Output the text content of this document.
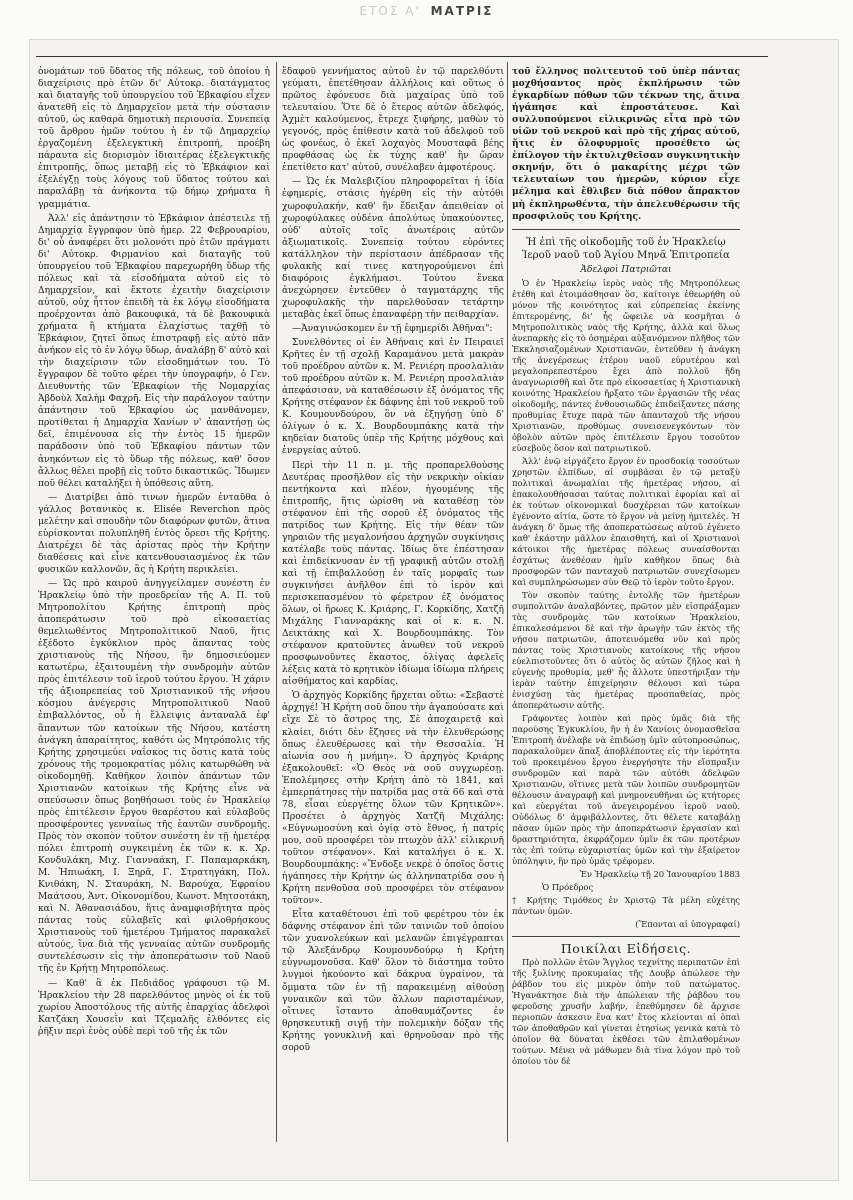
ΕΤΟΣ Α' ΜΑΤΡΙΣ

ὀνομάτων τοῦ ὕδατος τῆς πόλεως, τοῦ ὁποίου ἡ διαχείρισις πρὸ ἐτῶν δι' Αὐτοκρ. διατάγματος καὶ διαταγῆς τοῦ ὑπουργείου τοῦ Ἐβκαφίου εἶχεν ἀνατεθῆ εἰς τὸ Δημαρχεῖον μετὰ τὴν σύστασιν αὐτοῦ, ὡς καθαρὰ δημοτικὴ περιουσία. Συνεπείᾳ τοῦ ἄρθρου ἡμῶν τούτου ἡ ἐν τῷ Δημαρχείῳ ἐργαζομένη ἐξελεγκτικὴ ἐπιτροπή, προέβη πάραυτα εἰς διορισμὸν ἰδιαιτέρας ἐξελεγκτικῆς ἐπιτροπῆς, ὅπως μεταβῇ εἰς τὸ Ἐβκάφιον καὶ ἐξελέγξῃ τοὺς λόγους τοῦ ὕδατος τούτου καὶ παραλάβῃ τὰ ἀνήκοντα τῷ δήμῳ χρήματα ἢ γραμμάτια.

Ἀλλ' εἰς ἀπάντησιν τὸ Ἐβκάφιον ἀπέστειλε τῇ Δημαρχίᾳ ἔγγραφον ὑπὸ ἡμερ. 22 Φεβρουαρίου, δι' οὗ ἀναφέρει ὅτι μολονότι πρὸ ἐτῶν πράγματι δι' Αὐτοκρ. Φιρμανίου καὶ διαταγῆς τοῦ ὑπουργείου τοῦ Ἐβκαφίου παρεχωρήθη ὕδωρ τῆς πόλεως καὶ τὰ εἰσοδήματα αὐτοῦ εἰς τὸ Δημαρχεῖον, καὶ ἔκτοτε ἐχειτὴν διαχείρισιν αὐτοῦ, οὐχ ἧττον ἐπειδὴ τὰ ἐκ λόγῳ εἰσοδήματα προέρχονται ἀπὸ βακουφικά, τὰ δὲ βακουφικὰ χρήματα ἢ κτήματα ἐλαχίστως ταχθῇ τὸ Ἐβκάφιον, ζητεῖ ὅπως ἐπιστραφῇ εἰς αὐτὸ πᾶν ἀνήκον εἰς τὸ ἐν λόγῳ ὕδωρ, ἀναλάβῃ δ' αὐτὸ καὶ τὴν διαχείρισιν τῶν εἰσοδημάτων του. Τὸ ἔγγραφον δὲ τοῦτο φέρει τὴν ὑπογραφήν, ὁ Γεν. Διευθυντὴς τῶν Ἐβκαφίων τῆς Νομαρχίας Ἀβδοὺλ Χαλὴμ Φαχρῆ. Εἰς τὴν παράλογον ταύτην ἀπάντησιν τοῦ Ἐβκαφίου ὡς μανθάνομεν, προτίθεται ἡ Δημαρχία Χανίων ν' ἀπαντήσῃ ὡς δεῖ, ἐπιμένουσα εἰς τὴν ἐντὸς 15 ἡμερῶν παράδοσιν ὑπὸ τοῦ Ἐβκαφίου πάντων τῶν ἀνηκόντων εἰς τὸ ὕδωρ τῆς πόλεως, καθ' ὅσον ἄλλως θέλει προβῇ εἰς τοῦτο δικαστικῶς. Ἴδωμεν ποῦ θέλει καταλήξει ἡ ὑπόθεσις αὕτη.

— Διατρίβει ἀπὸ τινων ἡμερῶν ἐνταῦθα ὁ γάλλος βοτανικὸς κ. Elisée Reverchon πρὸς μελέτην καὶ σπουδὴν τῶν διαφόρων φυτῶν, ἅτινα εὑρίσκονται πολυπληθῆ ἐντὸς ὄρεσι τῆς Κρήτης. Διατρέχει δὲ τὰς ἀρίστας πρὸς τὴν Κρήτην διαθέσεις καὶ εἶνε κατενθουσιασμένος ἐκ τῶν φυσικῶν καλλονῶν, ἃς ἡ Κρήτη περικλείει.

— Ὡς πρὸ καιροῦ ἀνηγγείλαμεν συνέστη ἐν Ἡρακλείῳ ὑπὸ τὴν προεδρείαν τῆς Α. Π. τοῦ Μητροπολίτου Κρήτης ἐπιτροπὴ πρὸς ἀποπεράτωσιν τοῦ πρὸ εἰκοσαετίας θεμελιωθέντος Μητροπολιτικοῦ Ναοῦ, ἥτις ἐξέδοτο ἐγκύκλιον πρὸς ἅπαντας τοὺς χριστιανοὺς τῆς Νήσου, ἣν δημοσιεύομεν κατωτέρω, ἐξαιτουμένη τὴν συνδρομὴν αὐτῶν πρὸς ἐπιτέλεσιν τοῦ ἱεροῦ τούτου ἔργου. Ἡ χάριν τῆς ἀξιοπρεπείας τοῦ Χριστιανικοῦ τῆς νήσου κόσμου ἀνέγερσις Μητροπολιτικοῦ Ναοῦ ἐπιβαλλόντος, οὗ ἡ ἔλλειψις ἀνταναλᾶ ἐφ' ἅπαντων τῶν κατοίκων τῆς Νήσου, κατέστη ἀνάγκη ἀπαραίτητος, καθότι ὡς Μητρόπολις τῆς Κρήτης χρησιμεύει ναΐσκος τις ὅστις κατὰ τοὺς χρόνους τῆς τρομοκρατίας μόλις κατωρθώθη νὰ οἰκοδομηθῇ. Καθῆκον λοιπὸν ἁπάντων τῶν Χριστιανῶν κατοίκων τῆς Κρήτης εἶνε νὰ σπεύσωσιν ὅπως βοηθήσωσι τοὺς ἐν Ἡρακλείῳ πρὸς ἐπιτέλεσιν ἔργου θεαρέστου καὶ εὐλαβοῦς προσφέροντες γενναίως τῆς ἑαυτῶν συνδρομῆς. Πρὸς τὸν σκοπὸν τοῦτον συνέστη ἐν τῇ ἡμετέρᾳ πόλει ἐπιτροπὴ συγκειμένη ἐκ τῶν κ. κ. Χρ. Κονδυλάκη, Μιχ. Γιανναάκη, Γ. Παπαμαρκάκη, Μ. Ἡπιωάκη, Ι. Ξηρᾶ, Γ. Στρατηγάκη, Πολ. Κνιθάκη, Ν. Σταυράκη, Ν. Βαρούχα, Ἐφραίου Μαάτσου, Ἀντ. Οἰκονομίδου, Κωνστ. Μητσοτάκη, καὶ Ν. Ἀθανασιάδου, ἥτις ἀναμφισβήτητα πρὸς πάντας τοὺς εὐλαβεῖς καὶ φιλοθρήσκους Χριστιανοὺς τοῦ ἡμετέρου Τμήματος παρακαλεῖ αὐτούς, ἵνα διὰ τῆς γενναίας αὐτῶν συνδρομῆς συντελέσωσιν εἰς τὴν ἀποπεράτωσιν τοῦ Ναοῦ τῆς ἐν Κρήτῃ Μητροπόλεως.

— Καθ' ἃ ἐκ Πεδιάδος γράφουσι τῷ Μ. Ἡρακλείου τὴν 28 παρελθόντος μηνὸς οἱ ἐκ τοῦ χωρίου Ἀποστόλους τῆς αὐτῆς ἐπαρχίας ἀδελφοὶ Κατζάκη Χουσεῒν καὶ Τζεμαλῆς ἐλθόντες εἰς ῥῆξιν περὶ ἑνὸς οὐδὲ περὶ τοῦ τῆς ἐκ τῶν

ἔδαφοῦ γεννήματος αὐτοῦ ἐν τῷ παρελθόντι γεύματι, ἐπετέθησαν ἀλλήλοις καὶ οὕτως ὁ πρῶτος ἐφόνευσε διὰ μαχαίρας ὑπὸ τοῦ τελευταίου. Ὅτε δὲ ὁ ἕτερος αὐτῶν ἀδελφός, Ἀχμὲτ καλούμενος, ἔτρεχε ξιφήρης, μαθὼν τὸ γεγονός, πρὸς ἐπίθεσιν κατὰ τοῦ ἀδελφοῦ τοῦ ὡς φονέως, ὁ ἐκεῖ λοχαγὸς Μουσταφᾶ βέης προφθάσας ὡς ἐκ τύχης καθ' ἣν ὥραν ἐπετίθετο κατ' αὐτοῦ, συνέλαβεν ἀμφοτέρους.

— Ὡς ἐκ Μαλεβιζίου πληροφορεῖται ἡ ἰδία ἐφημερίς, στάσις ἠγέρθη εἰς τὴν αὐτόθι χωροφυλακήν, καθ' ἣν ἔδειξαν ἀπειθείαν οἱ χωροφύλακες οὐδένα ἀπολύτως ὑπακούοντες, οὐδ' αὐτοῖς τοῖς ἀνωτέροις αὐτῶν ἀξιωματικοῖς. Συνεπείᾳ τούτου εὑρόντες κατάλληλον τὴν περίστασιν ἀπέδρασαν τῆς φυλακῆς καί τινες κατηγορούμενοι ἐπὶ διαφόροις ἐγκλήμασι. Τούτου ἕνεκα ἀνεχώρησεν ἐντεῦθεν ὁ ταγματάρχης τῆς χωροφυλακῆς τὴν παρελθοῦσαν τετάρτην μεταβὰς ἐκεῖ ὅπως ἐπαναφέρῃ τὴν πειθαρχίαν.

—Ἀναγινώσκομεν ἐν τῇ ἐφημερίδι Ἀθῆναι":

Συνελθόντες οἱ ἐν Ἀθήναις καὶ ἐν Πειραιεῖ Κρῆτες ἐν τῇ σχολῇ Καραμάνου μετὰ μακρὰν τοῦ προέδρου αὐτῶν κ. Μ. Ρενιέρη προσλαλιὰν τοῦ προέδρου αὐτῶν κ. Μ. Ρενιέρη προσλαλιὰν ἀπεφάσισαν, νὰ καταθέσωσιν ἐξ ὀνόματος τῆς Κρήτης στέφανον ἐκ δάφνης ἐπὶ τοῦ νεκροῦ τοῦ Κ. Κουμουνδούρου, ὃν νὰ ἐξηγήσῃ ὑπὸ δ' ὀλίγων ὁ κ. Χ. Βουρδουμπάκης κατὰ τὴν κηδείαν διατοῦς ὑπὲρ τῆς Κρήτης μόχθους καὶ ἐνεργείας αὐτοῦ.

Περὶ τὴν 11 π. μ. τῆς προπαρελθούσης Δευτέρας προσῆλθον εἰς τὴν νεκρικὴν οἰκίαν πεντήκοντα καὶ πλέον, ἡγουμένης τῆς ἐπιτροπῆς, ἥτις ὡρίσθη νὰ καταθέσῃ τὸν στέφανον ἐπὶ τῆς σοροῦ ἐξ ὀνόματος τῆς πατρίδος των Κρήτης. Εἰς τὴν θέαν τῶν γηραιῶν τῆς μεγαλονήσου ἀρχηγῶν συγκίνησις κατέλαβε τοὺς πάντας. Ἰδίως ὅτε ἐπέστησαν καὶ ἐπιδείκνυσαν ἐν τῇ γραφικῇ αὐτῶν στολῇ καὶ τῇ ἐπιβαλλούσῃ ἐν ταῖς μορφαῖς των συγκινήσει ἀνῆλθον ἐπὶ τὸ ἱερὸν καὶ περισκεπασμένον τὸ φέρετρον ἐξ ὀνόματος ὅλων, οἱ ἥρωες Κ. Κριάρης, Γ. Κορκίδης, Χατζῆ Μιχάλης Γιανναράκης καὶ οἱ κ. κ. Ν. Δεικτάκης καὶ Χ. Βουρδουμπάκης. Τὸν στέφανον κρατοῦντες ἀνωθεν τοῦ νεκροῦ προσφωνοῦντες ἕκαστος, ὀλίγας ἀφελεῖς λέξεις κατὰ τὸ κρητικὸν ἰδίωμα ἰδίωμα πλήρεις αἰσθήματος καὶ καρδίας.

Ὁ ἀρχηγὸς Κορκίδης ἤρχεται οὕτω: «Σεβαστὲ ἀρχηγέ! Ἡ Κρήτη σοῦ ὅπου τὴν ἀγαπούσατε καὶ εἴχε Σὲ τὸ ἄστρος της, Σὲ ἀποχαιρετᾷ καὶ κλαίει, διότι δὲν ἔζησες νὰ τὴν ἐλευθερώσῃς ὅπως ἐλευθέρωσες καὶ τὴν Θεσσαλία. Ἡ αἰωνία σου ἡ μνήμη». Ὁ ἀρχηγὸς Κριάρης ἐξακολουθεῖ: «Ὁ Θεὸς νὰ σοῦ συγχωρέσῃ. Ἐπολέμησες στὴν Κρήτη ἀπὸ τὸ 1841, καὶ ἐμπερπάτησες τὴν πατρίδα μας στὰ 66 καὶ στὰ 78, εἶσαι εὐεργέτης ὅλων τῶν Κρητικῶν». Προσέτει ὁ ἀρχηγὸς Χατζῆ Μιχάλης: «Εὐγνωμοσύνη καὶ ὀγίᾳ στὸ ἔθνος, ἡ πατρίς μου, σοῦ προσφέρει τὸν πτωχὸν ἀλλ' εἰλικρινῆ τοῦτον στέφανον». Καὶ καταλήγει ὁ κ. Χ. Βουρδουμπάκης: «Ἔνδοξε νεκρὲ ὁ ὁποῖος ὅστις ἠγάπησες τὴν Κρήτην ὡς ἀλληνπατρίδα σου ἡ Κρήτη πενθοῦσα σοῦ προσφέρει τὸν στέφανον τοῦτον».

Εἶτα καταθέτουσι ἐπὶ τοῦ φερέτρου τὸν ἐκ δάφνης στέφανον ἐπὶ τῶν ταινιῶν τοῦ ὁποίου τῶν χυανολεύκων καὶ μελανῶν ἐπιγέγραπται τῷ Ἀλεξάνδρῳ Κουμουνδούρῳ ἡ Κρήτη εὐγνωμονοῦσα. Καθ' ὅλον τὸ διάστημα τοῦτο λυγμοὶ ἠκούοντο καὶ δάκρυα ὑγραίνον, τὰ ὄμματα τῶν ἐν τῇ παρακειμένῃ αἰθούσῃ γυναικῶν καὶ τῶν ἄλλων παρισταμένων, οἵτινες ἵσταντο ἀποθαυμάζοντες ἐν θρησκευτικῇ σιγῇ τὴν πολεμικὴν δόξαν τῆς Κρήτης γονυκλινῆ καὶ θρηνοῦσαν πρὸ τῆς σοροῦ

τοῦ ἔλληνος πολιτευτοῦ τοῦ ὑπὲρ πάντας μοχθήσαντος πρὸς ἐκπλήρωσιν τῶν ἐγκαρδίων πόθων τῶν τέκνων της, ἅτινα ἠγάπησε καὶ ἐπροστάτευσε. Καὶ συλλυπούμενοι εἰλικρινῶς εἶτα πρὸ τῶν υἱῶν τοῦ νεκροῦ καὶ πρὸ τῆς χήρας αὐτοῦ, ἥτις ἐν ὀλοφυρμοῖς προσέθετο ὡς ἐπίλογον τὴν ἐκτυλιχθεῖσαν συγκινητικὴν σκηνήν, ὅτι ὁ μακαρίτης μέχρι τῶν τελευταίων του ἡμερῶν, κύριον εἶχε μέλημα καὶ ἔθλιβεν διὰ πόθον ἄπρακτον μὴ ἐκπληρωθέντα, τὴν ἀπελευθέρωσιν τῆς προσφιλοῦς του Κρήτης.

Ἡ ἐπὶ τῆς οἰκοδομῆς τοῦ ἐν Ἡρακλείῳ Ἱεροῦ ναοῦ τοῦ Ἁγίου Μηνᾶ Ἐπιτροπεία

Ἀδελφοὶ Πατριῶται

Ὁ ἐν Ἡρακλείῳ ἱερὸς ναὸς τῆς Μητροπόλεως ἐτέθη καὶ ἐτοιμάσθησαν ὅσ, καίτοιγε ἐθεωρήθη οὐ μόνον τῆς κοινότητος καὶ εὐπρεπείας ἐκείνης ἐπιτερομένης, δι' ἧς ὤφειλε νὰ κοσμῆται ὁ Μητροπολιτικὸς ναὸς τῆς Κρήτης, ἀλλὰ καὶ ὅλως ἀνεπαρκὴς εἰς τὸ ὁσημέραι αὐξανόμενον πλῆθος τῶν Ἐκκλησιαζομένων Χριστιανῶν, ἐντεῦθεν ἡ ἀνάγκη τῆς ἀνεγέρσεως ἑτέρου ναοῦ εὐρυτέρου καὶ μεγαλοπρεπεστέρου ἔχει ἀπὸ πολλοῦ ἤδη ἀναγνωρισθῆ καὶ ὅτε πρὸ εἰκοσαετίας ἡ Χριστιανικὴ κοινότης Ἡρακλείου ἤρξατο τῶν ἐργασιῶν τῆς νέας οἰκοδομῆς, πάντες ἐνθουσιωδῶς ἐπιδείξαντες πάσης προθυμίας ἔτυχε παρὰ τῶν ἁπανταχοῦ τῆς νήσου Χριστιανῶν, προθύμως συνεισενεγκόντων τὸν ὀβολὸν αὐτῶν πρὸς ἐπιτέλεσιν ἔργου τοσοῦτον εὐσεβοῦς ὅσον καὶ πατριωτικοῦ.

Ἀλλ' ἐνῷ εἰργάζετο ἔργον ἐν προσδοκίᾳ τοσούτων χρηστῶν ἐλπίδων, αἱ συμβᾶσαι ἐν τῷ μεταξὺ πολιτικαὶ ἀνωμαλίαι τῆς ἡμετέρας νήσου, αἱ ἐπακολουθήσασαι ταύτας πολιτικαὶ ἐφορίαι καὶ αἱ ἐκ τούτων οἰκονομικαὶ δυσχέρειαι τῶν κατοίκων ἐγένοντο αἰτία, ὥστε τὸ ἔργον νὰ μείνῃ ἡμιτελές. Ἡ ἀνάγκη δ' ὅμως τῆς ἀποπερατώσεως αὐτοῦ ἐγένετο καθ' ἑκάστην μᾶλλον ἐπαισθητή, καὶ οἱ Χριστιανοὶ κάτοικοι τῆς ἡμετέρας πόλεως συναίσθονται ἐσχάτως ἀνεθέσαν ἡμῖν καθῆκον ὅπως διὰ προσφορῶν τῶν πανταχοῦ πατριωτῶν συνεχίσωμεν καὶ συμπληρώσωμεν σὺν Θεῷ τὸ ἱερὸν τοῦτο ἔργον.

Τὸν σκοπὸν ταύτης ἐντολῆς τῶν ἡμετέρων συμπολιτῶν ἀναλαβόντες, πρῶτον μὲν εἰσπράξαμεν τὰς συνδρομὰς τῶν κατοίκων Ἡρακλείου, ἐπικαλεσάμενοι δὲ καὶ τὴν ἀρωγὴν τῶν ἐκτὸς τῆς νήσου πατριωτῶν, ἀποτεινόμεθα νῦν καὶ πρὸς πάντας τοὺς Χριστιανοὺς κατοίκους τῆς νήσου εὐελπιστοῦντες ὅτι ὁ αὐτὸς ὅς αὐτῶν ζῆλος καὶ ἡ εὐγενὴς προθυμία, μεθ' ἧς ἄλλοτε ὑπεστήριξαν τὴν ἱερὰν ταύτην ἐπιχείρησιν θέλουσι καὶ τώρα ἐνισχύσῃ τὰς ἡμετέρας προσπαθείας, πρὸς ἀποπεράτωσιν αὐτῆς.

Γράφοντες λοιπὸν καὶ πρὸς ὑμᾶς διὰ τῆς παρούσης Ἐγκυκλίου, ἣν ἡ ἐν Χανίοις ὀνομασθεῖσα Ἐπιτροπὴ ἀνέλαβε νὰ ἐπιδώσῃ ὑμῖν αὐτοπροσώπως, παρακαλοῦμεν ἅπαξ ἀποβλέποντες εἰς τὴν ἱερότητα τοῦ προκειμένου ἔργου ἐνεργήσητε τὴν εἴσπραξιν συνδρομῶν καὶ παρὰ τῶν αὐτόθι ἀδελφῶν Χριστιανῶν, οἵτινες μετὰ τῶν λοιπῶν συνδρομητῶν θέλουσιν ἀναγραφῇ καὶ μνημονευθῆναι ὡς κτήτορες καὶ εὐεργέται τοῦ ἀνεγειρομένου ἱεροῦ ναοῦ. Οὐδόλως δ' ἀμφιβάλλοντες, ὅτι θέλετε καταβάλῃ πᾶσαν ὑμῶν πρὸς τὴν ἀποπεράτωσιν ἐργασίαν καὶ δραστηριότητα, ἐκφράζομεν ὑμῖν ἐκ τῶν προτέρων τὰς ἐπὶ τούτῳ εὐχαριστίας ὑμῶν καὶ τὴν ἐξαίρετον ὑπόληψιν, ἣν πρὸ ὑμᾶς τρέφομεν.

Ἐν Ἡρακλείῳ τῇ 20 Ἰανουαρίου 1883

Ὁ Πρόεδρος

† Κρήτης Τιμόθεος ἐν Χριστῷ Τὰ μέλη εὐχέτης πάντων ὑμῶν.

(Ἕπονται αἱ ὑπογραφαί)

Ποικίλαι Εἰδήσεις.

Πρὸ πολλῶν ἐτῶν Ἄγγλος τεχνίτης περιπατῶν ἐπὶ τῆς ξυλίνης προκυμαίας τῆς Δουβρ ἀπώλεσε τὴν ῥάβδον του εἰς μικρὸν ὀπὴν τοῦ πατώματος. Ἠγανάκτησε διὰ τὴν ἀπώλειαν τῆς ῥάβδου του φεροῦσης χρυσῆν λαβήν, ἐπεθύμησεν δὲ ἄρχισε περιοπῶν ἀσκεσιν ἕνα κατ' ἔτος κλείονται αἱ ὀπαὶ τῶν ἀποθαθρῶν καὶ γίνεται ἐτησίως γενικὰ κατὰ τὸ ὁποῖον θὰ δύναται ἐκθέσει τῶν ἐπιλαθομένων τούτων. Μένει νὰ μάθωμεν διὰ τίνα λόγον πρὸ τοῦ ὁποίου τὸν δὲ
